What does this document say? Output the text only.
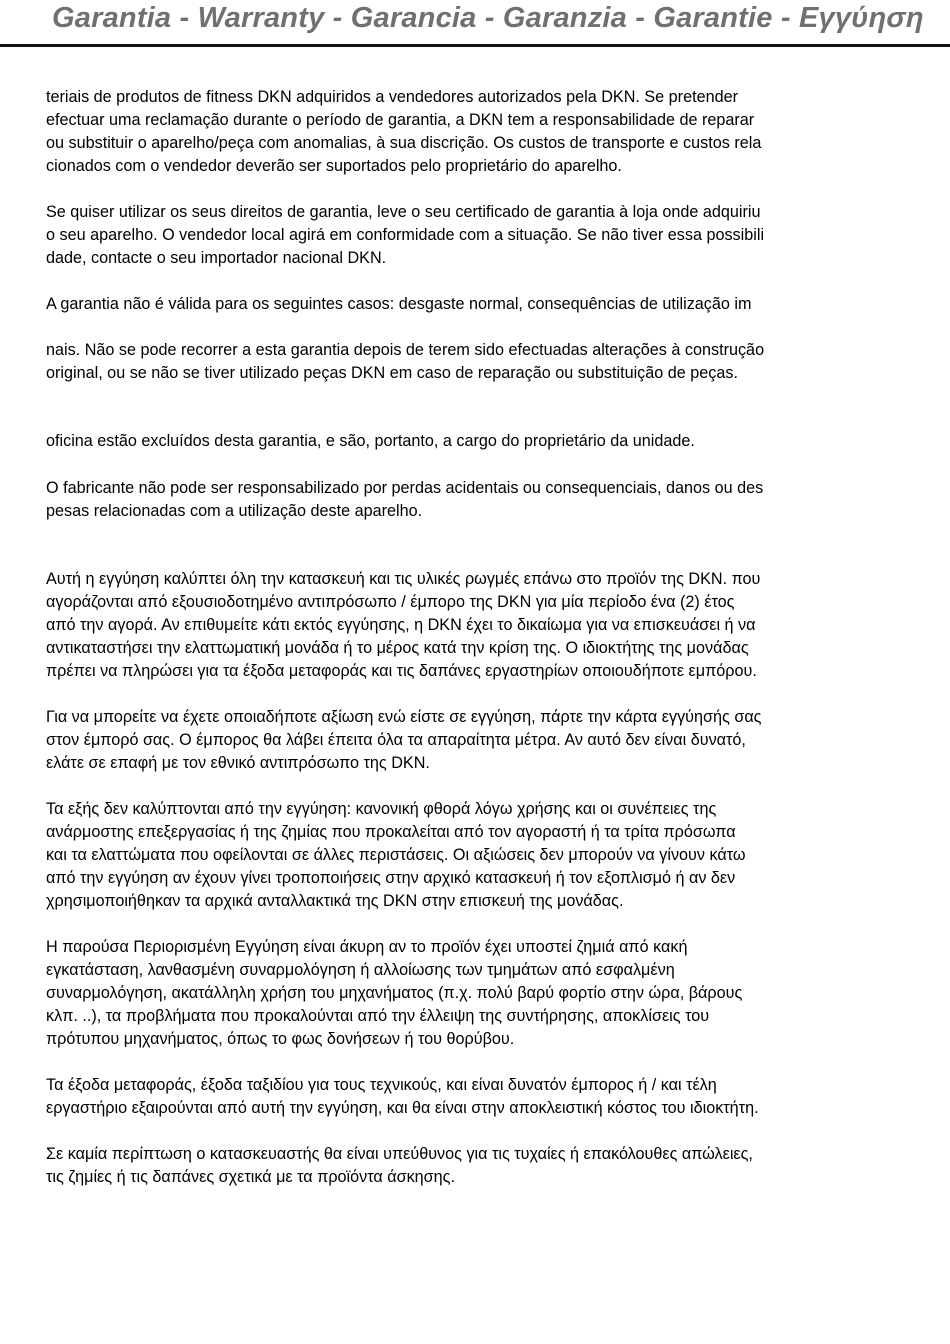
Garantia - Warranty - Garancia - Garanzia - Garantie - Εγγύηση

teriais de produtos de fitness DKN adquiridos a vendedores autorizados pela DKN. Se pretender
efectuar uma reclamação durante o período de garantia, a DKN tem a responsabilidade de reparar
ou substituir o aparelho/peça com anomalias, à sua discrição. Os custos de transporte e custos rela
cionados com o vendedor deverão ser suportados pelo proprietário do aparelho.

Se quiser utilizar os seus direitos de garantia, leve o seu certificado de garantia à loja onde adquiriu
o seu aparelho. O vendedor local agirá em conformidade com a situação. Se não tiver essa possibili
dade, contacte o seu importador nacional DKN.

A garantia não é válida para os seguintes casos: desgaste normal, consequências de utilização im

nais. Não se pode recorrer a esta garantia depois de terem sido efectuadas alterações à construção
original, ou se não se tiver utilizado peças DKN em caso de reparação ou substituição de peças.

oficina estão excluídos desta garantia, e são, portanto, a cargo do proprietário da unidade.

O fabricante não pode ser responsabilizado por perdas acidentais ou consequenciais, danos ou des
pesas relacionadas com a utilização deste aparelho.

Αυτή η εγγύηση καλύπτει όλη την κατασκευή και τις υλικές ρωγμές επάνω στο προϊόν της DKN. που
αγοράζονται από εξουσιοδοτημένο αντιπρόσωπο / έμπορο της DKN για μία περίοδο ένα (2) έτος
από την αγορά. Αν επιθυμείτε κάτι εκτός εγγύησης, η DKN έχει το δικαίωμα για να επισκευάσει ή να
αντικαταστήσει την ελαττωματική μονάδα ή το μέρος κατά την κρίση της. Ο ιδιοκτήτης της μονάδας
πρέπει να πληρώσει για τα έξοδα μεταφοράς και τις δαπάνες εργαστηρίων οποιουδήποτε εμπόρου.

Για να μπορείτε να έχετε οποιαδήποτε αξίωση ενώ είστε σε εγγύηση, πάρτε την κάρτα εγγύησής σας
στον έμπορό σας. Ο έμπορος θα λάβει έπειτα όλα τα απαραίτητα μέτρα. Αν αυτό δεν είναι δυνατό,
ελάτε σε επαφή με τον εθνικό αντιπρόσωπο της DKN.

Τα εξής δεν καλύπτονται από την εγγύηση: κανονική φθορά λόγω χρήσης και οι συνέπειες της
ανάρμοστης επεξεργασίας ή της ζημίας που προκαλείται από τον αγοραστή ή τα τρίτα πρόσωπα
και τα ελαττώματα που οφείλονται σε άλλες περιστάσεις. Οι αξιώσεις δεν μπορούν να γίνουν κάτω
από την εγγύηση αν έχουν γίνει τροποποιήσεις στην αρχικό κατασκευή ή τον εξοπλισμό ή αν δεν
χρησιμοποιήθηκαν τα αρχικά ανταλλακτικά της DKN στην επισκευή της μονάδας.

Η παρούσα Περιορισμένη Εγγύηση είναι άκυρη αν το προϊόν έχει υποστεί ζημιά από κακή
εγκατάσταση, λανθασμένη συναρμολόγηση ή αλλοίωσης των τμημάτων από εσφαλμένη
συναρμολόγηση, ακατάλληλη χρήση του μηχανήματος (π.χ. πολύ βαρύ φορτίο στην ώρα, βάρους
κλπ. ..), τα προβλήματα που προκαλούνται από την έλλειψη της συντήρησης, αποκλίσεις του
πρότυπου μηχανήματος, όπως το φως δονήσεων ή του θορύβου.

Τα έξοδα μεταφοράς, έξοδα ταξιδίου για τους τεχνικούς, και είναι δυνατόν έμπορος ή / και τέλη
εργαστήριο εξαιρούνται από αυτή την εγγύηση, και θα είναι στην αποκλειστική κόστος του ιδιοκτήτη.

Σε καμία περίπτωση ο κατασκευαστής θα είναι υπεύθυνος για τις τυχαίες ή επακόλουθες απώλειες,
τις ζημίες ή τις δαπάνες σχετικά με τα προϊόντα άσκησης.
